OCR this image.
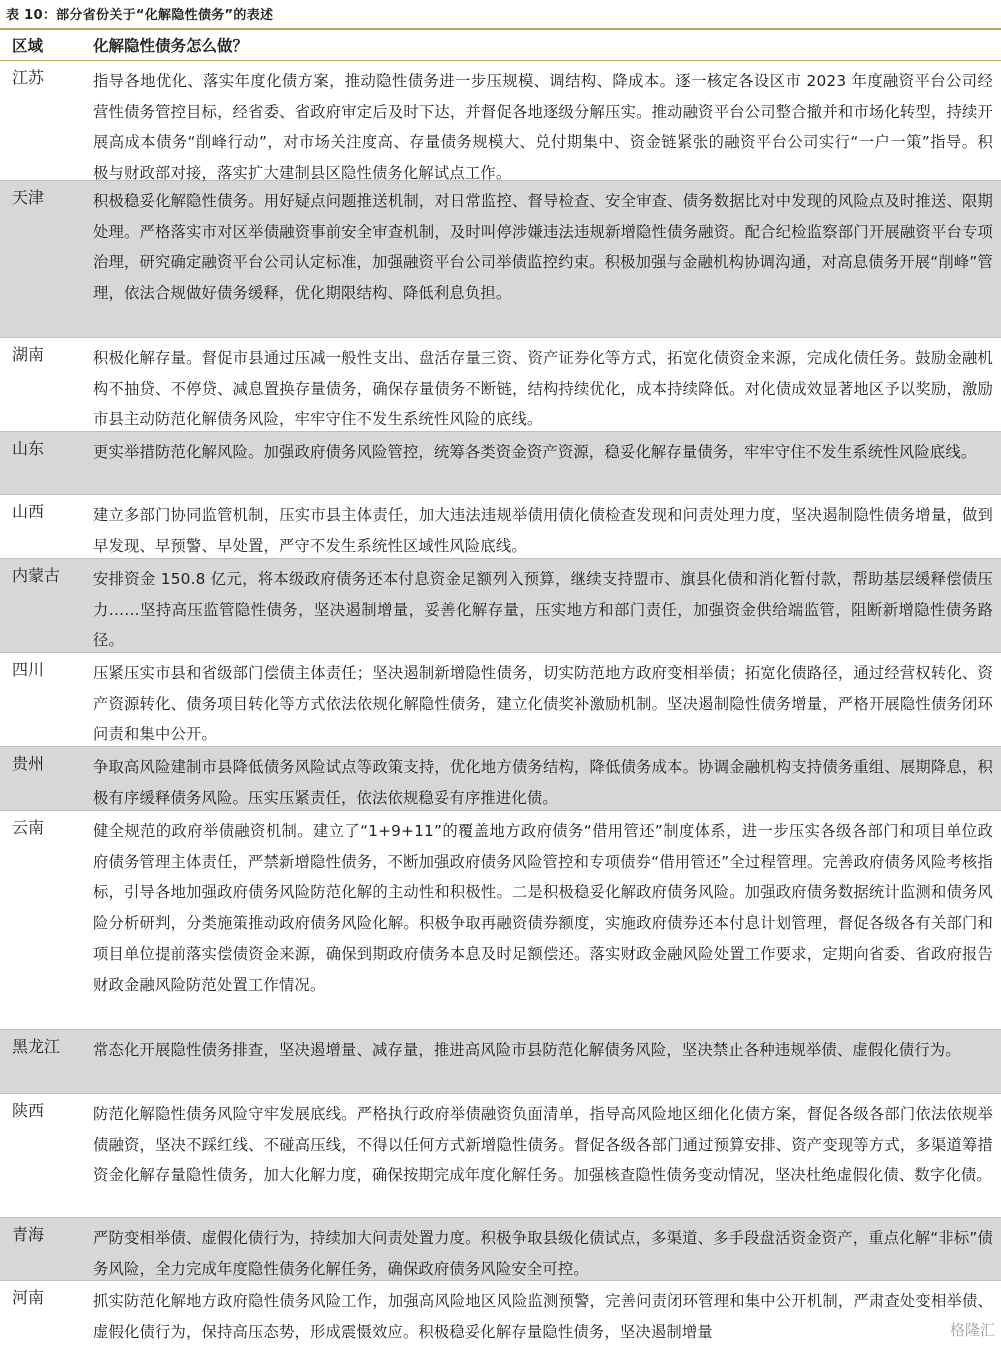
表 10：部分省份关于“化解隐性债务”的表述
区域	化解隐性债务怎么做？
江苏	指导各地优化、落实年度化债方案，推动隐性债务进一步压规模、调结构、降成本。逐一核定各设区市 2023 年度融资平台公司经营性债务管控目标，经省委、省政府审定后及时下达，并督促各地逐级分解压实。推动融资平台公司整合撤并和市场化转型，持续开展高成本债务“削峰行动”，对市场关注度高、存量债务规模大、兑付期集中、资金链紧张的融资平台公司实行“一户一策”指导。积极与财政部对接，落实扩大建制县区隐性债务化解试点工作。
天津	积极稳妥化解隐性债务。用好疑点问题推送机制，对日常监控、督导检查、安全审查、债务数据比对中发现的风险点及时推送、限期处理。严格落实市对区举债融资事前安全审查机制，及时叫停涉嫌违法违规新增隐性债务融资。配合纪检监察部门开展融资平台专项治理，研究确定融资平台公司认定标准，加强融资平台公司举债监控约束。积极加强与金融机构协调沟通，对高息债务开展“削峰”管理，依法合规做好债务缓释，优化期限结构、降低利息负担。
湖南	积极化解存量。督促市县通过压减一般性支出、盘活存量三资、资产证券化等方式，拓宽化债资金来源，完成化债任务。鼓励金融机构不抽贷、不停贷、减息置换存量债务，确保存量债务不断链，结构持续优化，成本持续降低。对化债成效显著地区予以奖励，激励市县主动防范化解债务风险，牢牢守住不发生系统性风险的底线。
山东	更实举措防范化解风险。加强政府债务风险管控，统筹各类资金资产资源，稳妥化解存量债务，牢牢守住不发生系统性风险底线。
山西	建立多部门协同监管机制，压实市县主体责任，加大违法违规举债用债化债检查发现和问责处理力度，坚决遏制隐性债务增量，做到早发现、早预警、早处置，严守不发生系统性区域性风险底线。
内蒙古	安排资金 150.8 亿元，将本级政府债务还本付息资金足额列入预算，继续支持盟市、旗县化债和消化暂付款，帮助基层缓释偿债压力……坚持高压监管隐性债务，坚决遏制增量，妥善化解存量，压实地方和部门责任，加强资金供给端监管，阻断新增隐性债务路径。
四川	压紧压实市县和省级部门偿债主体责任；坚决遏制新增隐性债务，切实防范地方政府变相举债；拓宽化债路径，通过经营权转化、资产资源转化、债务项目转化等方式依法依规化解隐性债务，建立化债奖补激励机制。坚决遏制隐性债务增量，严格开展隐性债务闭环问责和集中公开。
贵州	争取高风险建制市县降低债务风险试点等政策支持，优化地方债务结构，降低债务成本。协调金融机构支持债务重组、展期降息，积极有序缓释债务风险。压实压紧责任，依法依规稳妥有序推进化债。
云南	健全规范的政府举债融资机制。建立了“1+9+11”的覆盖地方政府债务“借用管还”制度体系，进一步压实各级各部门和项目单位政府债务管理主体责任，严禁新增隐性债务，不断加强政府债务风险管控和专项债券“借用管还”全过程管理。完善政府债务风险考核指标，引导各地加强政府债务风险防范化解的主动性和积极性。二是积极稳妥化解政府债务风险。加强政府债务数据统计监测和债务风险分析研判，分类施策推动政府债务风险化解。积极争取再融资债券额度，实施政府债券还本付息计划管理，督促各级各有关部门和项目单位提前落实偿债资金来源，确保到期政府债务本息及时足额偿还。落实财政金融风险处置工作要求，定期向省委、省政府报告财政金融风险防范处置工作情况。
黑龙江	常态化开展隐性债务排查，坚决遏增量、减存量，推进高风险市县防范化解债务风险，坚决禁止各种违规举债、虚假化债行为。
陕西	防范化解隐性债务风险守牢发展底线。严格执行政府举债融资负面清单，指导高风险地区细化化债方案，督促各级各部门依法依规举债融资，坚决不踩红线、不碰高压线，不得以任何方式新增隐性债务。督促各级各部门通过预算安排、资产变现等方式，多渠道筹措资金化解存量隐性债务，加大化解力度，确保按期完成年度化解任务。加强核查隐性债务变动情况，坚决杜绝虚假化债、数字化债。
青海	严防变相举债、虚假化债行为，持续加大问责处置力度。积极争取县级化债试点，多渠道、多手段盘活资金资产，重点化解“非标”债务风险，全力完成年度隐性债务化解任务，确保政府债务风险安全可控。
河南	抓实防范化解地方政府隐性债务风险工作，加强高风险地区风险监测预警，完善问责闭环管理和集中公开机制，严肃查处变相举债、虚假化债行为，保持高压态势，形成震慑效应。积极稳妥化解存量隐性债务，坚决遏制增量	格隆汇
